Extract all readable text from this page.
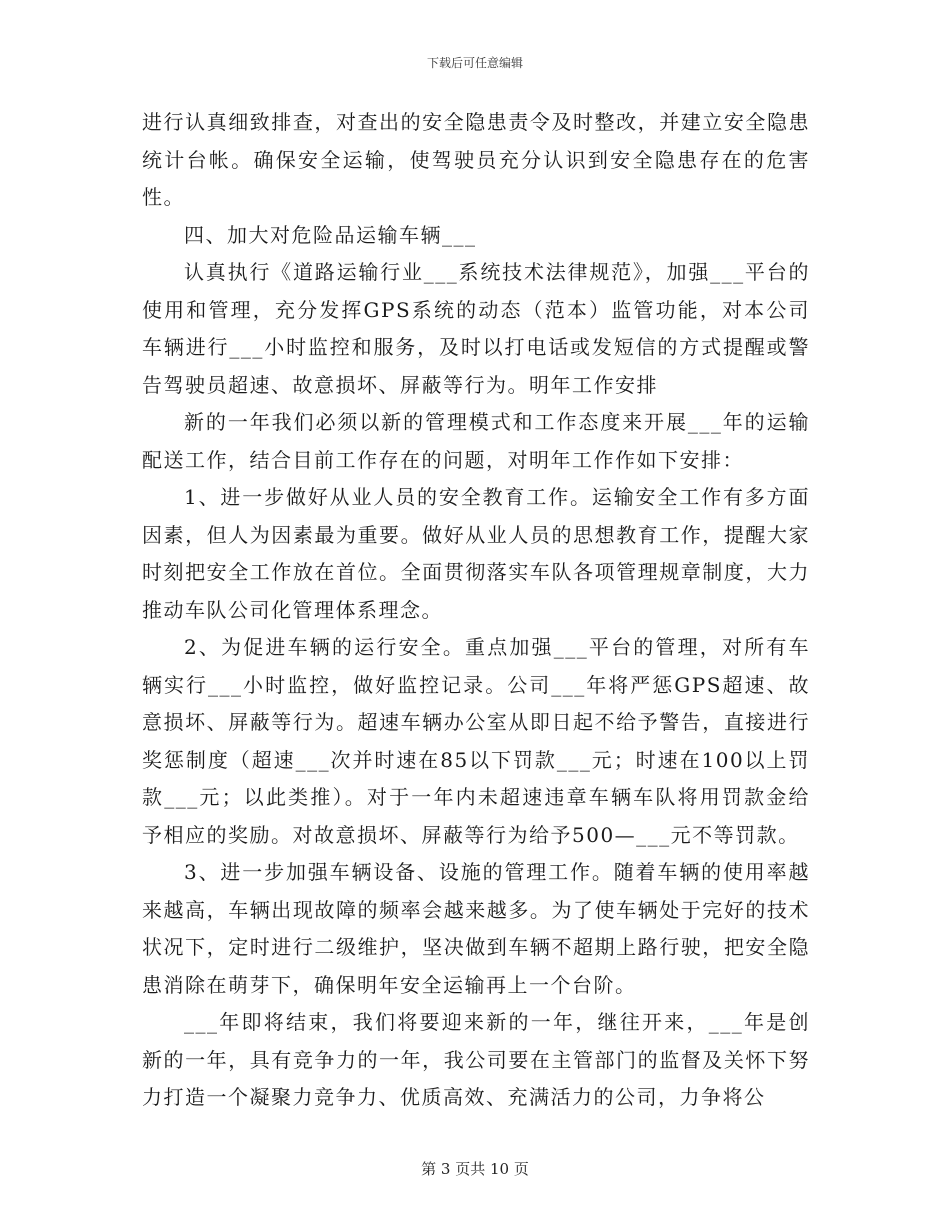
下载后可任意编辑

进行认真细致排查，对查出的安全隐患责令及时整改，并建立安全隐患统计台帐。确保安全运输，使驾驶员充分认识到安全隐患存在的危害性。

四、加大对危险品运输车辆___

认真执行《道路运输行业___系统技术法律规范》，加强___平台的使用和管理，充分发挥GPS系统的动态（范本）监管功能，对本公司车辆进行___小时监控和服务，及时以打电话或发短信的方式提醒或警告驾驶员超速、故意损坏、屏蔽等行为。明年工作安排

新的一年我们必须以新的管理模式和工作态度来开展___年的运输配送工作，结合目前工作存在的问题，对明年工作作如下安排：

1、进一步做好从业人员的安全教育工作。运输安全工作有多方面因素，但人为因素最为重要。做好从业人员的思想教育工作，提醒大家时刻把安全工作放在首位。全面贯彻落实车队各项管理规章制度，大力推动车队公司化管理体系理念。

2、为促进车辆的运行安全。重点加强___平台的管理，对所有车辆实行___小时监控，做好监控记录。公司___年将严惩GPS超速、故意损坏、屏蔽等行为。超速车辆办公室从即日起不给予警告，直接进行奖惩制度（超速___次并时速在85以下罚款___元；时速在100以上罚款___元；以此类推）。对于一年内未超速违章车辆车队将用罚款金给予相应的奖励。对故意损坏、屏蔽等行为给予500—___元不等罚款。

3、进一步加强车辆设备、设施的管理工作。随着车辆的使用率越来越高，车辆出现故障的频率会越来越多。为了使车辆处于完好的技术状况下，定时进行二级维护，坚决做到车辆不超期上路行驶，把安全隐患消除在萌芽下，确保明年安全运输再上一个台阶。

___年即将结束，我们将要迎来新的一年，继往开来，___年是创新的一年，具有竞争力的一年，我公司要在主管部门的监督及关怀下努力打造一个凝聚力竞争力、优质高效、充满活力的公司，力争将公

第 3 页共 10 页
